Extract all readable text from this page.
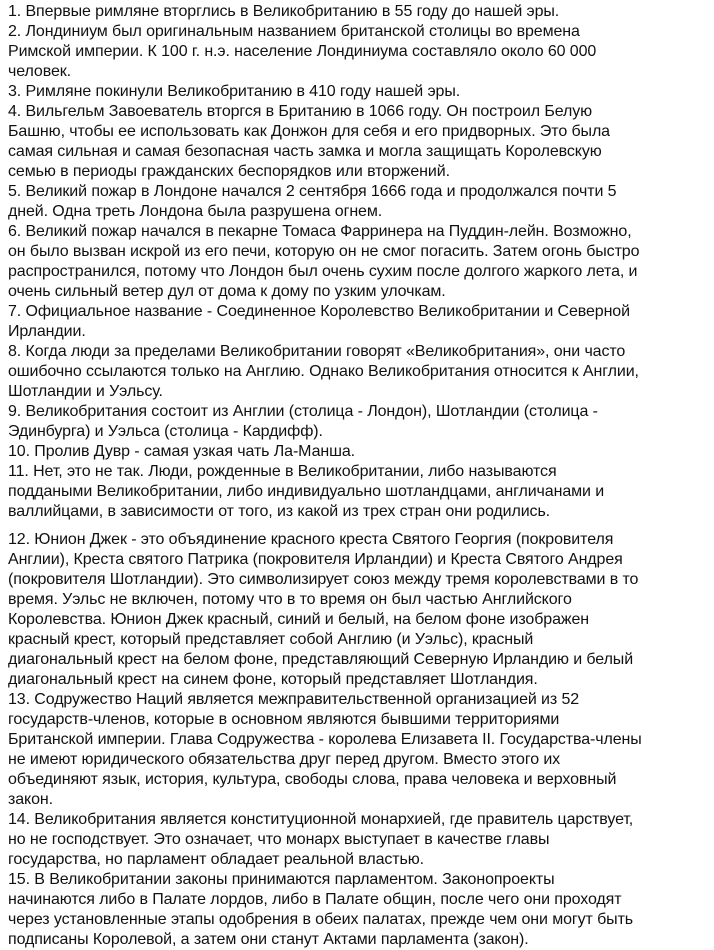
1. Впервые римляне вторглись в Великобританию в 55 году до нашей эры.
2. Лондиниум был оригинальным названием британской столицы во времена
Римской империи. К 100 г. н.э. население Лондиниума составляло около 60 000
человек.
3. Римляне покинули Великобританию в 410 году нашей эры.
4. Вильгельм Завоеватель вторгся в Британию в 1066 году. Он построил Белую
Башню, чтобы ее использовать как Донжон для себя и его придворных. Это была
самая сильная и самая безопасная часть замка и могла защищать Королевскую
семью в периоды гражданских беспорядков или вторжений.
5. Великий пожар в Лондоне начался 2 сентября 1666 года и продолжался почти 5
дней. Одна треть Лондона была разрушена огнем.
6. Великий пожар начался в пекарне Томаса Фарринера на Пуддин-лейн. Возможно,
он было вызван искрой из его печи, которую он не смог погасить. Затем огонь быстро
распространился, потому что Лондон был очень сухим после долгого жаркого лета, и
очень сильный ветер дул от дома к дому по узким улочкам.
7. Официальное название - Соединенное Королевство Великобритании и Северной
Ирландии.
8. Когда люди за пределами Великобритании говорят «Великобритания», они часто
ошибочно ссылаются только на Англию. Однако Великобритания относится к Англии,
Шотландии и Уэльсу.
9. Великобритания состоит из Англии (столица - Лондон), Шотландии (столица -
Эдинбурга) и Уэльса (столица - Кардифф).
10. Пролив Дувр - самая узкая чать Ла-Манша.
11. Нет, это не так. Люди, рожденные в Великобритании, либо называются
поддаными Великобритании, либо индивидуально шотландцами, англичанами и
валлийцами, в зависимости от того, из какой из трех стран они родились.
12. Юнион Джек - это объядинение красного креста Святого Георгия (покровителя
Англии), Креста святого Патрика (покровителя Ирландии) и Креста Святого Андрея
(покровителя Шотландии). Это символизирует союз между тремя королевствами в то
время. Уэльс не включен, потому что в то время он был частью Английского
Королевства. Юнион Джек красный, синий и белый, на белом фоне изображен
красный крест, который представляет собой Англию (и Уэльс), красный
диагональный крест на белом фоне, представляющий Северную Ирландию и белый
диагональный крест на синем фоне, который представляет Шотландия.
13. Содружество Наций является межправительственной организацией из 52
государств-членов, которые в основном являются бывшими территориями
Британской империи. Глава Содружества - королева Елизавета II. Государства-члены
не имеют юридического обязательства друг перед другом. Вместо этого их
объединяют язык, история, культура, свободы слова, права человека и верховный
закон.
14. Великобритания является конституционной монархией, где правитель царствует,
но не господствует. Это означает, что монарх выступает в качестве главы
государства, но парламент обладает реальной властью.
15. В Великобритании законы принимаются парламентом. Законопроекты
начинаются либо в Палате лордов, либо в Палате общин, после чего они проходят
через установленные этапы одобрения в обеих палатах, прежде чем они могут быть
подписаны Королевой, а затем они станут Актами парламента (закон).
